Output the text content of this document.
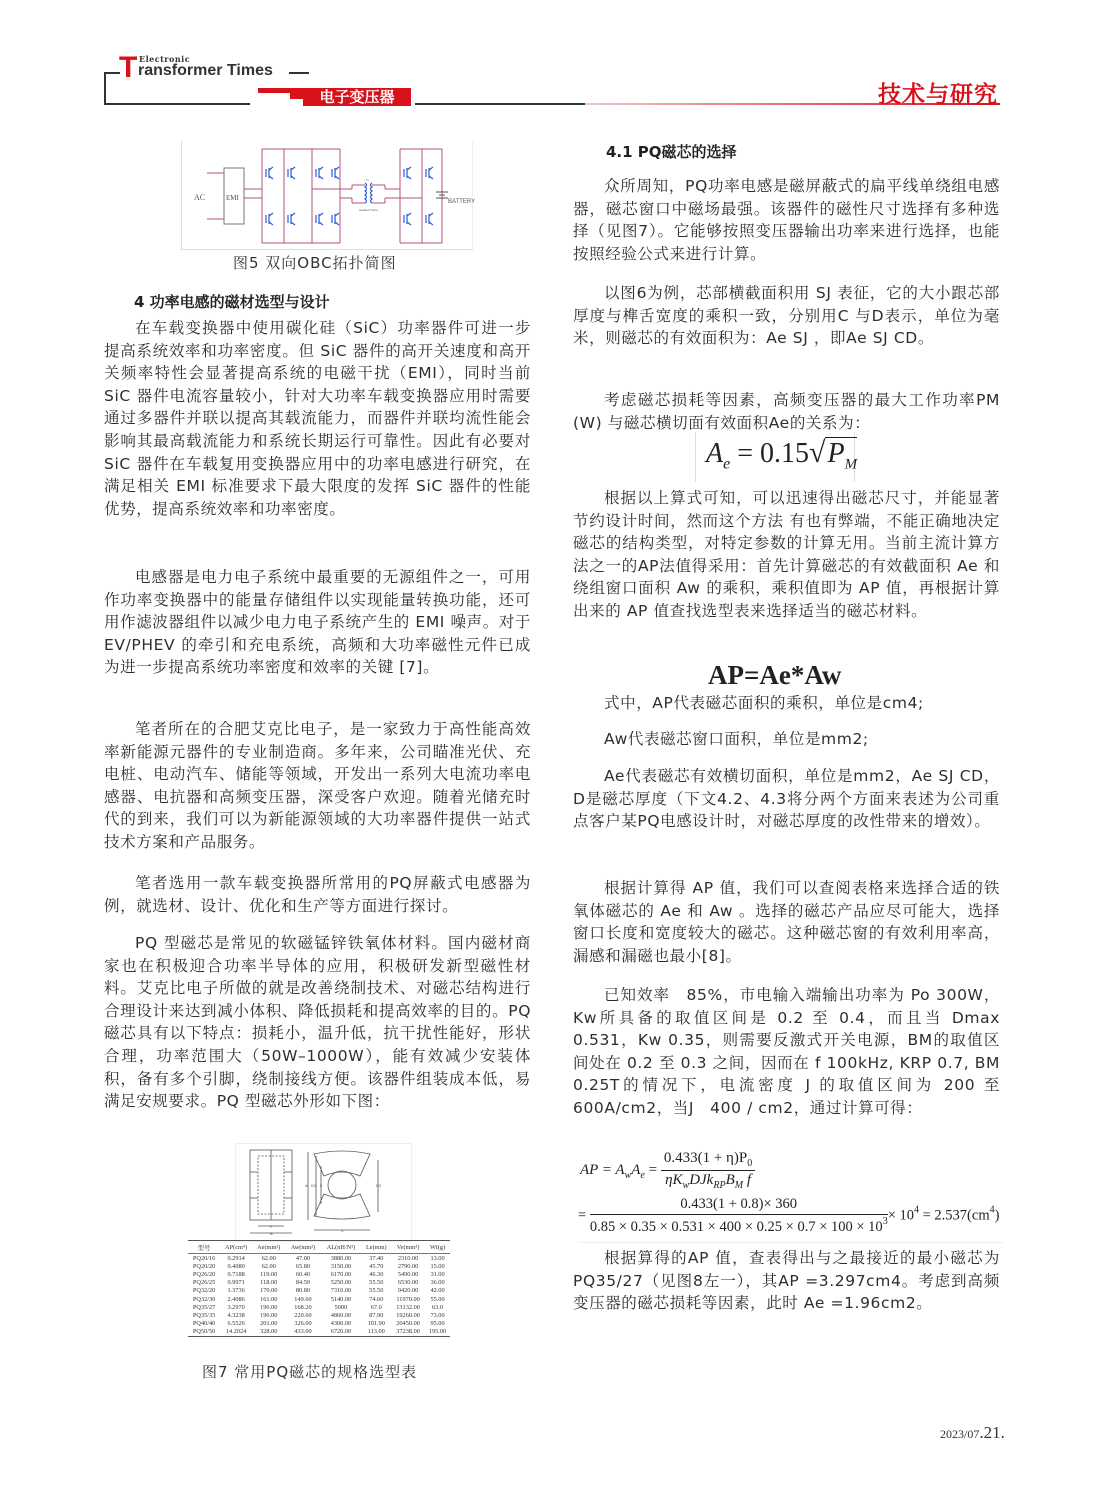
T Electronic
ransformer Times
电子变压器	技术与研究
AC	EMI	BATTERY
Tr
Isolated Trans
图5 双向OBC拓扑简图
4 功率电感的磁材选型与设计

在车载变换器中使用碳化硅（SiC）功率器件可进一步提高系统效率和功率密度。但 SiC 器件的高开关速度和高开关频率特性会显著提高系统的电磁干扰（EMI），同时当前 SiC 器件电流容量较小，针对大功率车载变换器应用时需要通过多器件并联以提高其载流能力，而器件并联均流性能会影响其最高载流能力和系统长期运行可靠性。因此有必要对 SiC 器件在车载复用变换器应用中的功率电感进行研究，在满足相关 EMI 标准要求下最大限度的发挥 SiC 器件的性能优势，提高系统效率和功率密度。

电感器是电力电子系统中最重要的无源组件之一，可用作功率变换器中的能量存储组件以实现能量转换功能，还可用作滤波器组件以减少电力电子系统产生的 EMI 噪声。对于 EV/PHEV 的牵引和充电系统，高频和大功率磁性元件已成为进一步提高系统功率密度和效率的关键 [7]。

笔者所在的合肥艾克比电子，是一家致力于高性能高效率新能源元器件的专业制造商。多年来，公司瞄准光伏、充电桩、电动汽车、储能等领域，开发出一系列大电流功率电感器、电抗器和高频变压器，深受客户欢迎。随着光储充时代的到来，我们可以为新能源领域的大功率器件提供一站式技术方案和产品服务。

笔者选用一款车载变换器所常用的PQ屏蔽式电感器为例，就选材、设计、优化和生产等方面进行探讨。

PQ 型磁芯是常见的软磁锰锌铁氧体材料。国内磁材商家也在积极迎合功率半导体的应用，积极研发新型磁性材料。艾克比电子所做的就是改善绕制技术、对磁芯结构进行合理设计来达到减小体积、降低损耗和提高效率的目的。PQ磁芯具有以下特点：损耗小，温升低，抗干扰性能好，形状合理，功率范围大（50W–1000W），能有效减少安装体积，备有多个引脚，绕制接线方便。该器件组装成本低，易满足安规要求。PQ 型磁芯外形如下图：

A D1 E	D2
F
B
C
型号	AP(cm⁴)	Ae(mm²)	Aw(mm²)	AL(nH/N²)	Le(mm)	Ve(mm³)	Wt(g)
PQ20/16	0.2914	62.00	47.00	3880.00	37.40	2310.00	13.00
PQ20/20	0.4080	62.00	65.80	3150.00	45.70	2790.00	15.00
PQ26/20	0.7188	119.00	60.40	6170.00	46.30	5490.00	31.00
PQ26/25	0.9971	118.00	84.50	5250.00	55.50	6530.00	36.00
PQ32/20	1.3736	170.00	80.80	7310.00	55.50	9420.00	42.00
PQ32/30	2.4086	161.00	149.60	5140.00	74.60	11970.00	55.00
PQ35/27	3.2970	196.00	168.20	5000	67.0	13132.00	63.0
PQ35/35	4.3238	196.00	220.60	4860.00	87.90	19260.00	73.00
PQ40/40	6.5526	201.00	326.00	4300.00	101.90	20450.00	95.00
PQ50/50	14.2024	328.00	433.00	6720.00	113.00	37238.00	195.00
图7 常用PQ磁芯的规格选型表
4.1 PQ磁芯的选择

众所周知，PQ功率电感是磁屏蔽式的扁平线单绕组电感器，磁芯窗口中磁场最强。该器件的磁性尺寸选择有多种选择（见图7）。它能够按照变压器输出功率来进行选择，也能按照经验公式来进行计算。

以图6为例，芯部横截面积用 SJ 表征，它的大小跟芯部厚度与榫舌宽度的乘积一致，分别用C 与D表示，单位为毫米，则磁芯的有效面积为：Ae SJ ，即Ae SJ CD。

考虑磁芯损耗等因素，高频变压器的最大工作功率PM (W) 与磁芯横切面有效面积Ae的关系为：

$A_e = 0.15√P_M$

根据以上算式可知，可以迅速得出磁芯尺寸，并能显著节约设计时间，然而这个方法 有也有弊端，不能正确地决定磁芯的结构类型，对特定参数的计算无用。当前主流计算方法之一的AP法值得采用：首先计算磁芯的有效截面积 Ae 和绕组窗口面积 Aw 的乘积，乘积值即为 AP 值，再根据计算出来的 AP 值查找选型表来选择适当的磁芯材料。

AP=Ae*Aw

式中，AP代表磁芯面积的乘积，单位是cm4;

Aw代表磁芯窗口面积，单位是mm2;

Ae代表磁芯有效横切面积，单位是mm2，Ae SJ CD，D是磁芯厚度（下文4.2、4.3将分两个方面来表述为公司重点客户某PQ电感设计时，对磁芯厚度的改性带来的增效）。

根据计算得 AP 值，我们可以查阅表格来选择合适的铁氧体磁芯的 Ae 和 Aw 。选择的磁芯产品应尽可能大，选择窗口长度和宽度较大的磁芯。这种磁芯窗的有效利用率高，漏感和漏磁也最小[8]。

已知效率　85%，市电输入端输出功率为 Po 300W，Kw所具备的取值区间是 0.2 至 0.4，而且当 Dmax 0.531，Kw 0.35，则需要反激式开关电源，BM的取值区间处在 0.2 至 0.3 之间，因而在 f 100kHz, KRP 0.7, BM 0.25T的情况下，电流密度 J 的取值区间为 200 至 600A/cm2，当J　400 / cm2，通过计算可得：

AP = $A_wA_e = \frac{0.433(1 + \eta)P_0}{\eta K_wDJk_{RP}B_M f}$
= $\frac{0.433(1 + 0.8)\times 360}{0.85 \times 0.35 \times 0.531 \times 400 \times 0.25 \times 0.7 \times 100 \times 10^3} \times 10^4 = 2.537(cm^4)$

根据算得的AP 值，查表得出与之最接近的最小磁芯为 PQ35/27（见图8左一），其AP =3.297cm4。考虑到高频变压器的磁芯损耗等因素，此时 Ae =1.96cm2。

2023/07.21.
